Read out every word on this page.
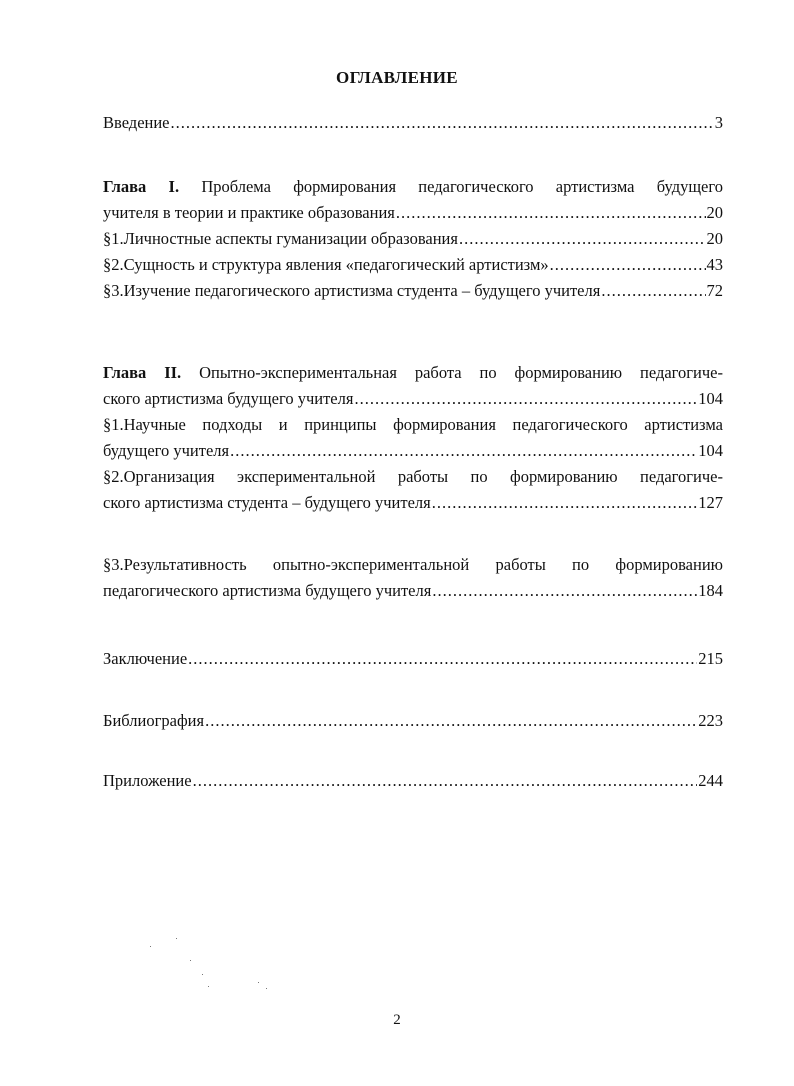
ОГЛАВЛЕНИЕ
Введение .....	3
Глава I. Проблема формирования педагогического артистизма будущего
учителя в теории и практике образования .....	20
§1.Личностные аспекты гуманизации образования .....	20
§2.Сущность и структура явления «педагогический артистизм» .....	43
§3.Изучение педагогического артистизма студента – будущего учителя .....	72
Глава II. Опытно-экспериментальная работа по формированию педагогиче-
ского артистизма будущего учителя .....	104
§1.Научные подходы и принципы формирования педагогического артистизма
будущего учителя .....	104
§2.Организация экспериментальной работы по формированию педагогиче-
ского артистизма студента – будущего учителя .....	127
§3.Результативность опытно-экспериментальной работы по формированию
педагогического артистизма будущего учителя .....	184
Заключение .....	215
Библиография .....	223
Приложение .....	244
2
